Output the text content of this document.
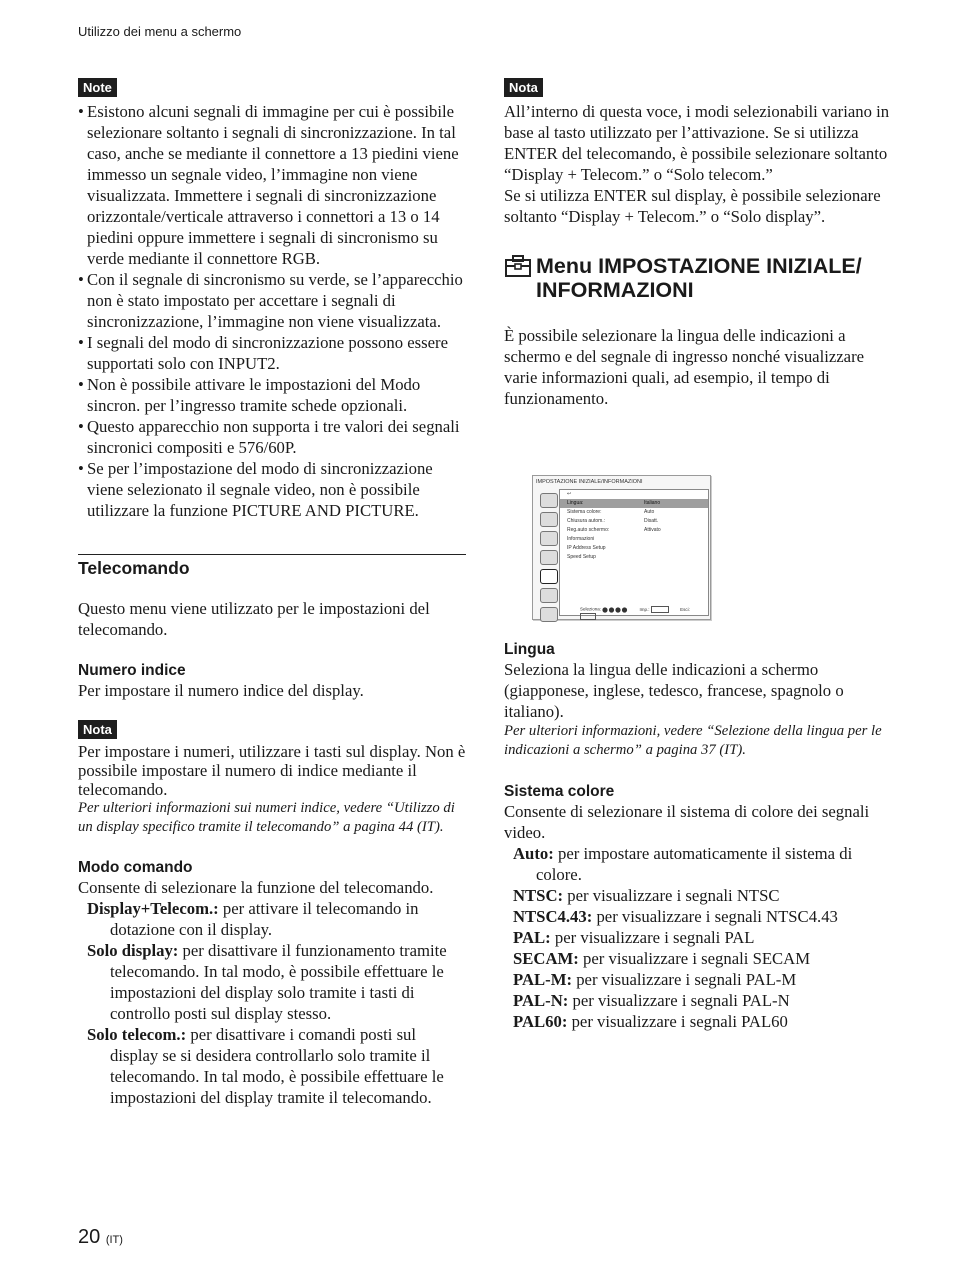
Utilizzo dei menu a schermo
Note
• Esistono alcuni segnali di immagine per cui è possibile selezionare soltanto i segnali di sincronizzazione. In tal caso, anche se mediante il connettore a 13 piedini viene immesso un segnale video, l’immagine non viene visualizzata. Immettere i segnali di sincronizzazione orizzontale/verticale attraverso i connettori a 13 o 14 piedini oppure immettere i segnali di sincronismo su verde mediante il connettore RGB.
• Con il segnale di sincronismo su verde, se l’apparecchio non è stato impostato per accettare i segnali di sincronizzazione, l’immagine non viene visualizzata.
• I segnali del modo di sincronizzazione possono essere supportati solo con INPUT2.
• Non è possibile attivare le impostazioni del Modo sincron. per l’ingresso tramite schede opzionali.
• Questo apparecchio non supporta i tre valori dei segnali sincronici compositi e 576/60P.
• Se per l’impostazione del modo di sincronizzazione viene selezionato il segnale video, non è possibile utilizzare la funzione PICTURE AND PICTURE.
Telecomando

Questo menu viene utilizzato per le impostazioni del telecomando.

Numero indice

Per impostare il numero indice del display.

Nota

Per impostare i numeri, utilizzare i tasti sul display. Non è possibile impostare il numero di indice mediante il telecomando.

Per ulteriori informazioni sui numeri indice, vedere “Utilizzo di un display specifico tramite il telecomando” a pagina 44 (IT).

Modo comando

Consente di selezionare la funzione del telecomando.

Display+Telecom.: per attivare il telecomando in dotazione con il display.

Solo display: per disattivare il funzionamento tramite telecomando. In tal modo, è possibile effettuare le impostazioni del display solo tramite i tasti di controllo posti sul display stesso.

Solo telecom.: per disattivare i comandi posti sul display se si desidera controllarlo solo tramite il telecomando. In tal modo, è possibile effettuare le impostazioni del display tramite il telecomando.

Nota

All’interno di questa voce, i modi selezionabili variano in base al tasto utilizzato per l’attivazione. Se si utilizza ENTER del telecomando, è possibile selezionare soltanto “Display + Telecom.” o “Solo telecom.”

Se si utilizza ENTER sul display, è possibile selezionare soltanto “Display + Telecom.” o “Solo display”.

Menu IMPOSTAZIONE INIZIALE/ INFORMAZIONI

È possibile selezionare la lingua delle indicazioni a schermo e del segnale di ingresso nonché visualizzare varie informazioni quali, ad esempio, il tempo di funzionamento.

IMPOSTAZIONE INIZIALE/INFORMAZIONI
↩
Lingua:	Italiano
Sistema colore:	Auto
Chiusura autom.:	Disatt.
Reg.auto schermo:	Attivato
Informazioni
IP Address Setup
Speed Setup
Seleziona:	Imp.:	Esci:
Lingua

Seleziona la lingua delle indicazioni a schermo (giapponese, inglese, tedesco, francese, spagnolo o italiano).

Per ulteriori informazioni, vedere “Selezione della lingua per le indicazioni a schermo” a pagina 37 (IT).

Sistema colore

Consente di selezionare il sistema di colore dei segnali video.

Auto: per impostare automaticamente il sistema di colore.

NTSC: per visualizzare i segnali NTSC

NTSC4.43: per visualizzare i segnali NTSC4.43

PAL: per visualizzare i segnali PAL

SECAM: per visualizzare i segnali SECAM

PAL-M: per visualizzare i segnali PAL-M

PAL-N: per visualizzare i segnali PAL-N

PAL60: per visualizzare i segnali PAL60

20 (IT)
